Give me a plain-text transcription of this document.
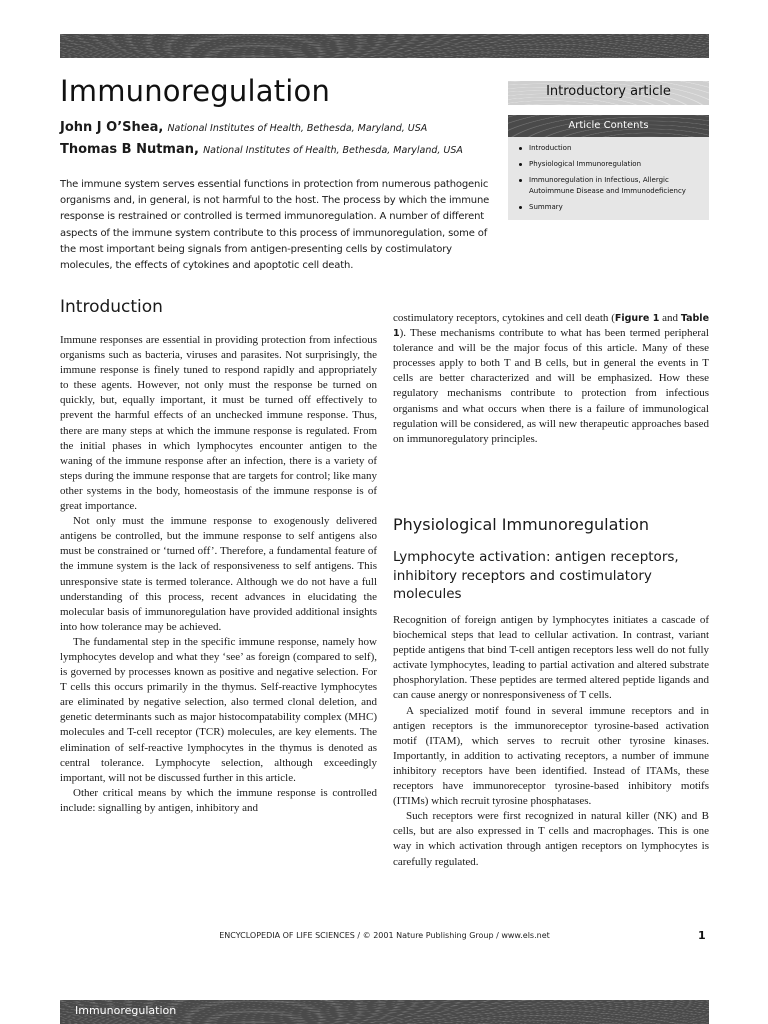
Immunoregulation
John J O’Shea, National Institutes of Health, Bethesda, Maryland, USA
Thomas B Nutman, National Institutes of Health, Bethesda, Maryland, USA
Introductory article
Article Contents
Introduction
Physiological Immunoregulation
Immunoregulation in Infectious, Allergic Autoimmune Disease and Immunodeficiency
Summary

The immune system serves essential functions in protection from numerous pathogenic organisms and, in general, is not harmful to the host. The process by which the immune response is restrained or controlled is termed immunoregulation. A number of different aspects of the immune system contribute to this process of immunoregulation, some of the most important being signals from antigen-presenting cells by costimulatory molecules, the effects of cytokines and apoptotic cell death.

Introduction

Immune responses are essential in providing protection from infectious organisms such as bacteria, viruses and parasites. Not surprisingly, the immune response is finely tuned to respond rapidly and appropriately to these agents. However, not only must the response be turned on quickly, but, equally important, it must be turned off effectively to prevent the harmful effects of an unchecked immune response. Thus, there are many steps at which the immune response is regulated. From the initial phases in which lymphocytes encounter antigen to the waning of the immune response after an infection, there is a variety of steps during the immune response that are targets for control; like many other systems in the body, homeostasis of the immune response is of great importance.

Not only must the immune response to exogenously delivered antigens be controlled, but the immune response to self antigens also must be constrained or ‘turned off’. Therefore, a fundamental feature of the immune system is the lack of responsiveness to self antigens. This unresponsive state is termed tolerance. Although we do not have a full understanding of this process, recent advances in elucidating the molecular basis of immunoregulation have provided additional insights into how tolerance may be achieved.

The fundamental step in the specific immune response, namely how lymphocytes develop and what they ‘see’ as foreign (compared to self), is governed by processes known as positive and negative selection. For T cells this occurs primarily in the thymus. Self-reactive lymphocytes are eliminated by negative selection, also termed clonal deletion, and genetic determinants such as major histocompatability complex (MHC) molecules and T-cell receptor (TCR) molecules, are key elements. The elimination of self-reactive lymphocytes in the thymus is denoted as central tolerance. Lymphocyte selection, although exceedingly important, will not be discussed further in this article.

Other critical means by which the immune response is controlled include: signalling by antigen, inhibitory and

costimulatory receptors, cytokines and cell death (Figure 1 and Table 1). These mechanisms contribute to what has been termed peripheral tolerance and will be the major focus of this article. Many of these processes apply to both T and B cells, but in general the events in T cells are better characterized and will be emphasized. How these regulatory mechanisms contribute to protection from infectious organisms and what occurs when there is a failure of immunological regulation will be considered, as will new therapeutic approaches based on immunoregulatory principles.

Physiological Immunoregulation
Lymphocyte activation: antigen receptors, inhibitory receptors and costimulatory molecules

Recognition of foreign antigen by lymphocytes initiates a cascade of biochemical steps that lead to cellular activation. In contrast, variant peptide antigens that bind T-cell antigen receptors less well do not fully activate lymphocytes, leading to partial activation and altered substrate phosphorylation. These peptides are termed altered peptide ligands and can cause anergy or nonresponsiveness of T cells.

A specialized motif found in several immune receptors and in antigen receptors is the immunoreceptor tyrosine-based activation motif (ITAM), which serves to recruit other tyrosine kinases. Importantly, in addition to activating receptors, a number of immune inhibitory receptors have been identified. Instead of ITAMs, these receptors have immunoreceptor tyrosine-based inhibitory motifs (ITIMs) which recruit tyrosine phosphatases.

Such receptors were first recognized in natural killer (NK) and B cells, but are also expressed in T cells and macrophages. This is one way in which activation through antigen receptors on lymphocytes is carefully regulated.

ENCYCLOPEDIA OF LIFE SCIENCES / © 2001 Nature Publishing Group / www.els.net	1
Immunoregulation
